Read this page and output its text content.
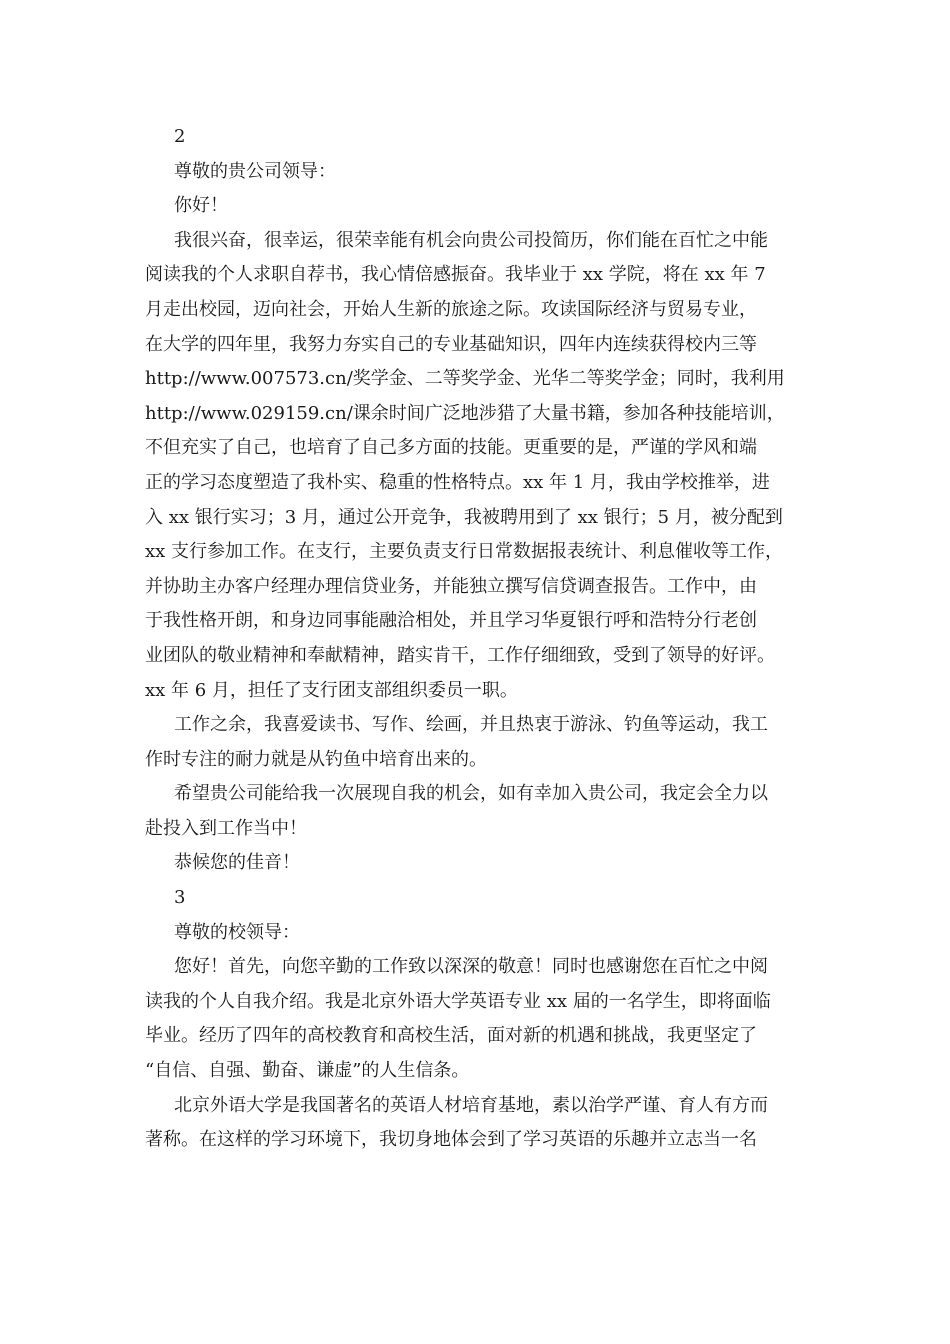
2
尊敬的贵公司领导：
你好！
我很兴奋，很幸运，很荣幸能有机会向贵公司投简历，你们能在百忙之中能
阅读我的个人求职自荐书，我心情倍感振奋。我毕业于 xx 学院，将在 xx 年 7
月走出校园，迈向社会，开始人生新的旅途之际。攻读国际经济与贸易专业，
在大学的四年里，我努力夯实自己的专业基础知识，四年内连续获得校内三等
http://www.007573.cn/奖学金、二等奖学金、光华二等奖学金；同时，我利用
http://www.029159.cn/课余时间广泛地涉猎了大量书籍，参加各种技能培训，
不但充实了自己，也培育了自己多方面的技能。更重要的是，严谨的学风和端
正的学习态度塑造了我朴实、稳重的性格特点。xx 年 1 月，我由学校推举，进
入 xx 银行实习；3 月，通过公开竞争，我被聘用到了 xx 银行；5 月，被分配到
xx 支行参加工作。在支行，主要负责支行日常数据报表统计、利息催收等工作，
并协助主办客户经理办理信贷业务，并能独立撰写信贷调查报告。工作中，由
于我性格开朗，和身边同事能融洽相处，并且学习华夏银行呼和浩特分行老创
业团队的敬业精神和奉献精神，踏实肯干，工作仔细细致，受到了领导的好评。
xx 年 6 月，担任了支行团支部组织委员一职。
工作之余，我喜爱读书、写作、绘画，并且热衷于游泳、钓鱼等运动，我工
作时专注的耐力就是从钓鱼中培育出来的。
希望贵公司能给我一次展现自我的机会，如有幸加入贵公司，我定会全力以
赴投入到工作当中！
恭候您的佳音！
3
尊敬的校领导：
您好！首先，向您辛勤的工作致以深深的敬意！同时也感谢您在百忙之中阅
读我的个人自我介绍。我是北京外语大学英语专业 xx 届的一名学生，即将面临
毕业。经历了四年的高校教育和高校生活，面对新的机遇和挑战，我更坚定了
“自信、自强、勤奋、谦虚”的人生信条。
北京外语大学是我国著名的英语人材培育基地，素以治学严谨、育人有方而
著称。在这样的学习环境下，我切身地体会到了学习英语的乐趣并立志当一名
